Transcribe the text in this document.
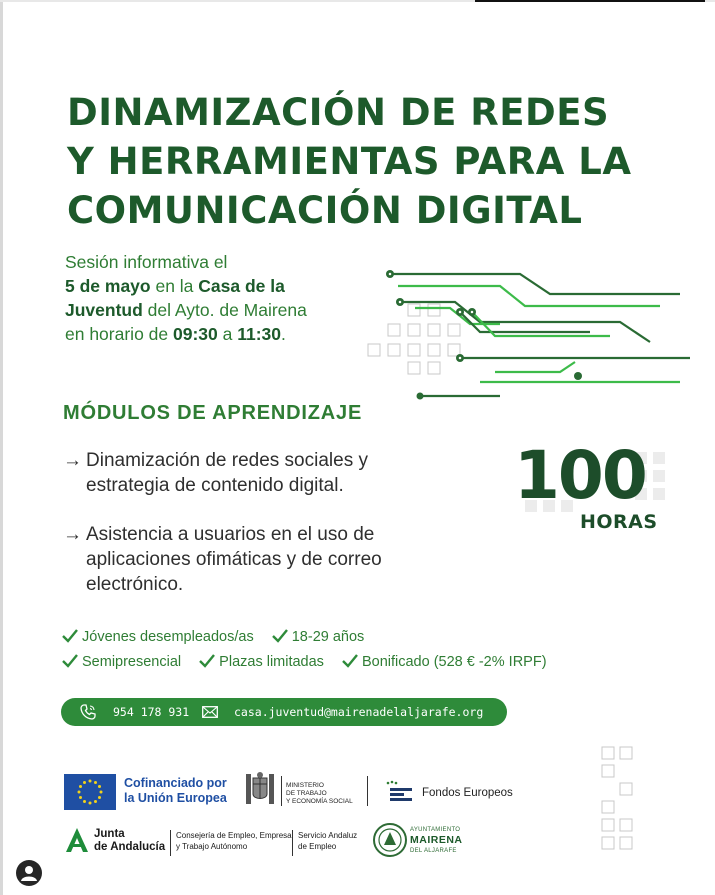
DINAMIZACIÓN DE REDES
Y HERRAMIENTAS PARA LA
COMUNICACIÓN DIGITAL
Sesión informativa el
5 de mayo en la Casa de la
Juventud del Ayto. de Mairena
en horario de 09:30 a 11:30.
MÓDULOS DE APRENDIZAJE
→ Dinamización de redes sociales y
estrategia de contenido digital.
→ Asistencia a usuarios en el uso de
aplicaciones ofimáticas y de correo
electrónico.
100
HORAS
Jóvenes desempleados/as	18-29 años
Semipresencial	Plazas limitadas	Bonificado (528 € -2% IRPF)
954 178 931	casa.juventud@mairenadelaljarafe.org
Cofinanciado por
la Unión Europea
MINISTERIO
DE TRABAJO
Y ECONOMÍA SOCIAL
Fondos Europeos
Junta
de Andalucía
Consejería de Empleo, Empresa
y Trabajo Autónomo
Servicio Andaluz
de Empleo
AYUNTAMIENTO
MAIRENA
DEL ALJARAFE
